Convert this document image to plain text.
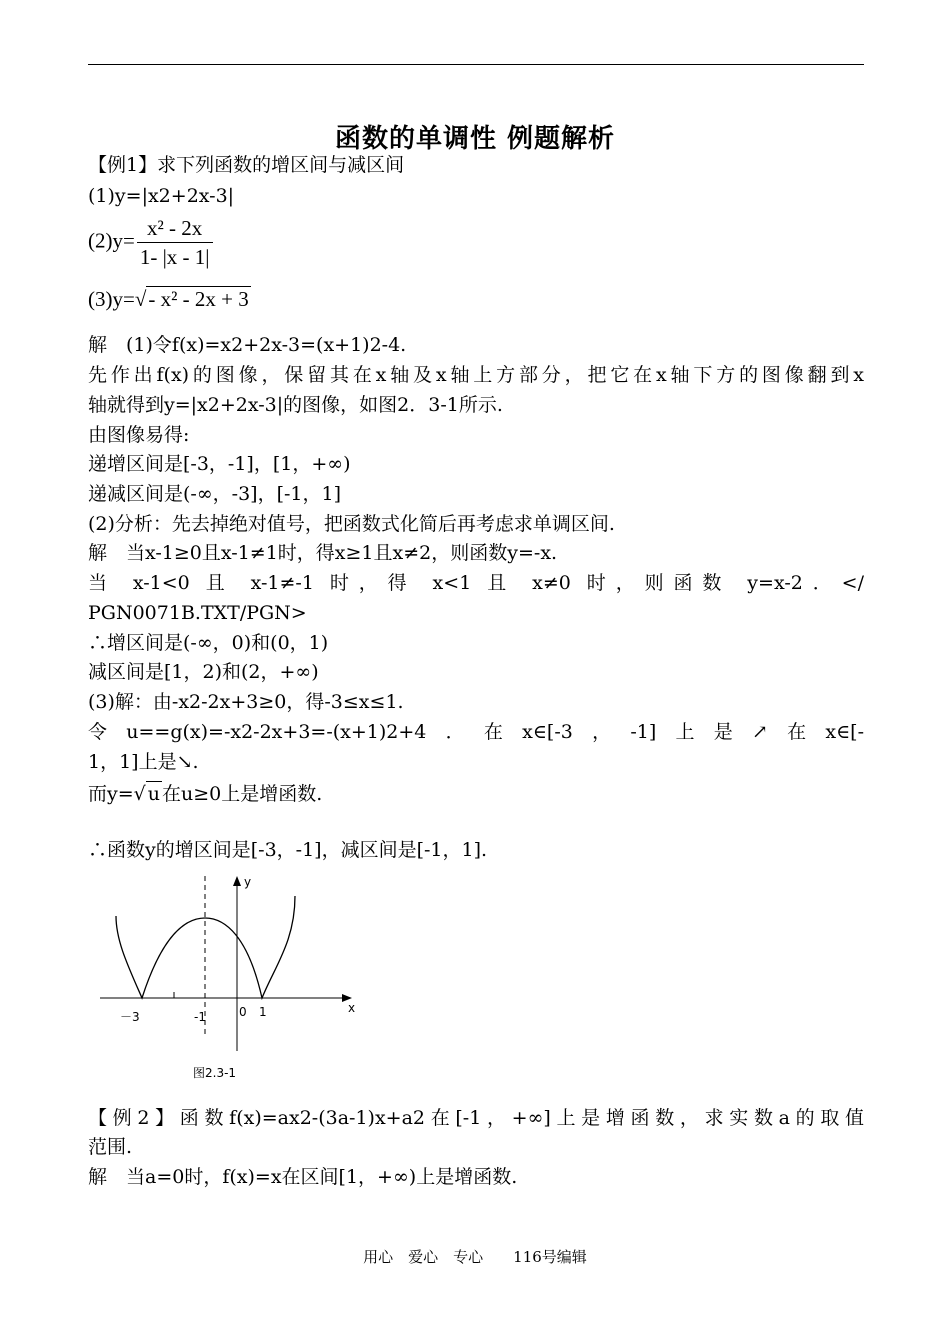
函数的单调性 例题解析
【例1】求下列函数的增区间与减区间
(1)y=|x2+2x-3|
$(2)y= \frac{\text{x² - 2x}}{1- |x - 1|}$
(3)y=√- x² - 2x + 3
解　(1)令f(x)=x2+2x-3=(x+1)2-4.
先作出f(x)的图像，保留其在x轴及x轴上方部分，把它在x轴下方的图像翻到x
轴就得到y=|x2+2x-3|的图像，如图2．3-1所示.
由图像易得:
递增区间是[-3，-1]，[1，+∞)
递减区间是(-∞，-3]，[-1，1]
(2)分析：先去掉绝对值号，把函数式化简后再考虑求单调区间.
解　当x-1≥0且x-1≠1时，得x≥1且x≠2，则函数y=-x.
当 x-1<0 且 x-1≠-1 时，得 x<1 且 x≠0 时，则函数 y=x-2．</
PGN0071B.TXT/PGN>
∴增区间是(-∞，0)和(0，1)
减区间是[1，2)和(2，+∞)
(3)解：由-x2-2x+3≥0，得-3≤x≤1.
令u==g(x)=-x2-2x+3=-(x+1)2+4．在x∈[-3，-1]上是↗在x∈[-
1，1]上是↘.
而y=√ u 在u≥0上是增函数.
∴函数y的增区间是[-3，-1]，减区间是[-1，1].
y
x
－3	-1	0 1
图2.3-1
【例2】函数f(x)=ax2-(3a-1)x+a2在[-1，+∞]上是增函数，求实数a的取值
范围.
解　当a=0时，f(x)=x在区间[1，+∞)上是增函数.
用心　爱心　专心　　116号编辑
